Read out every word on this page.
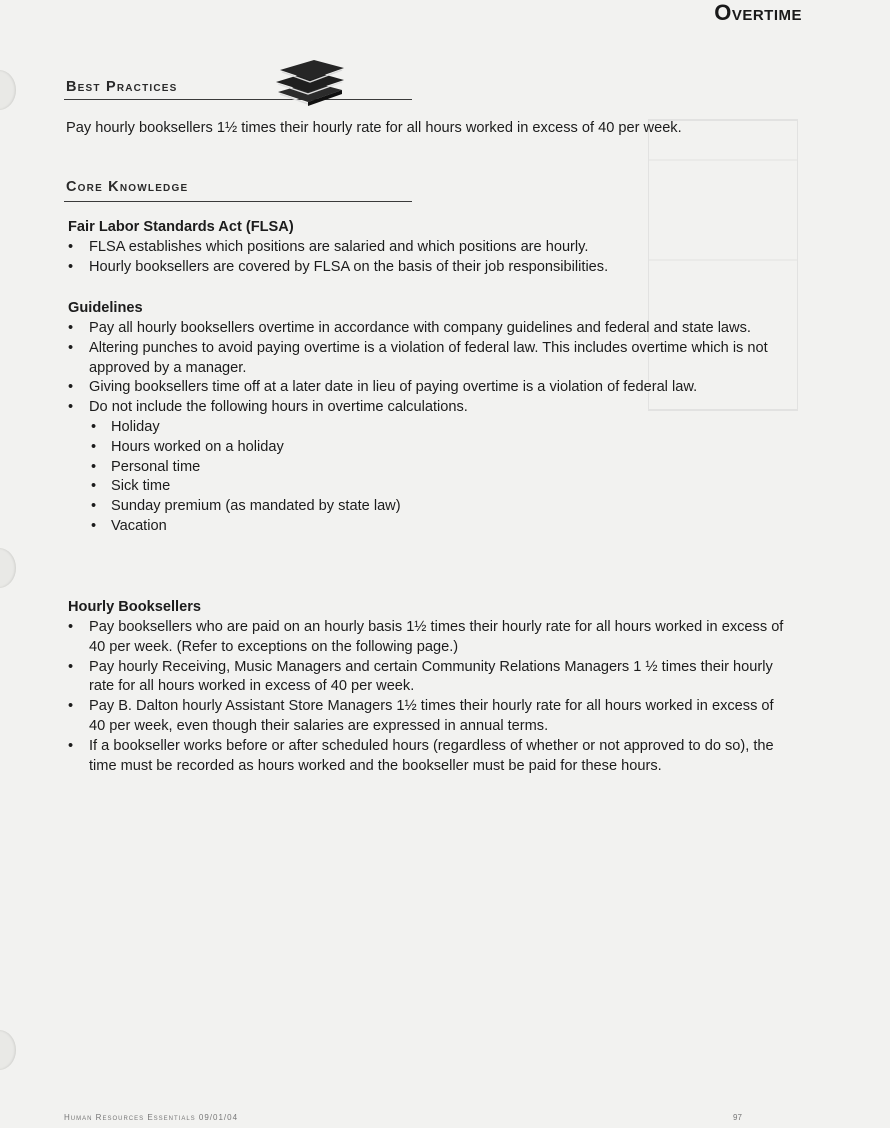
Overtime
Best Practices
Pay hourly booksellers 1½ times their hourly rate for all hours worked in excess of 40 per week.
Core Knowledge
Fair Labor Standards Act (FLSA)
• FLSA establishes which positions are salaried and which positions are hourly.
• Hourly booksellers are covered by FLSA on the basis of their job responsibilities.
Guidelines
• Pay all hourly booksellers overtime in accordance with company guidelines and federal and state laws.
• Altering punches to avoid paying overtime is a violation of federal law. This includes overtime which is not approved by a manager.
• Giving booksellers time off at a later date in lieu of paying overtime is a violation of federal law.
• Do not include the following hours in overtime calculations.
• Holiday
• Hours worked on a holiday
• Personal time
• Sick time
• Sunday premium (as mandated by state law)
• Vacation
Hourly Booksellers
• Pay booksellers who are paid on an hourly basis 1½ times their hourly rate for all hours worked in excess of 40 per week. (Refer to exceptions on the following page.)
• Pay hourly Receiving, Music Managers and certain Community Relations Managers 1 ½ times their hourly rate for all hours worked in excess of 40 per week.
• Pay B. Dalton hourly Assistant Store Managers 1½ times their hourly rate for all hours worked in excess of 40 per week, even though their salaries are expressed in annual terms.
• If a bookseller works before or after scheduled hours (regardless of whether or not approved to do so), the time must be recorded as hours worked and the bookseller must be paid for these hours.
Human Resources Essentials 09/01/04	97
